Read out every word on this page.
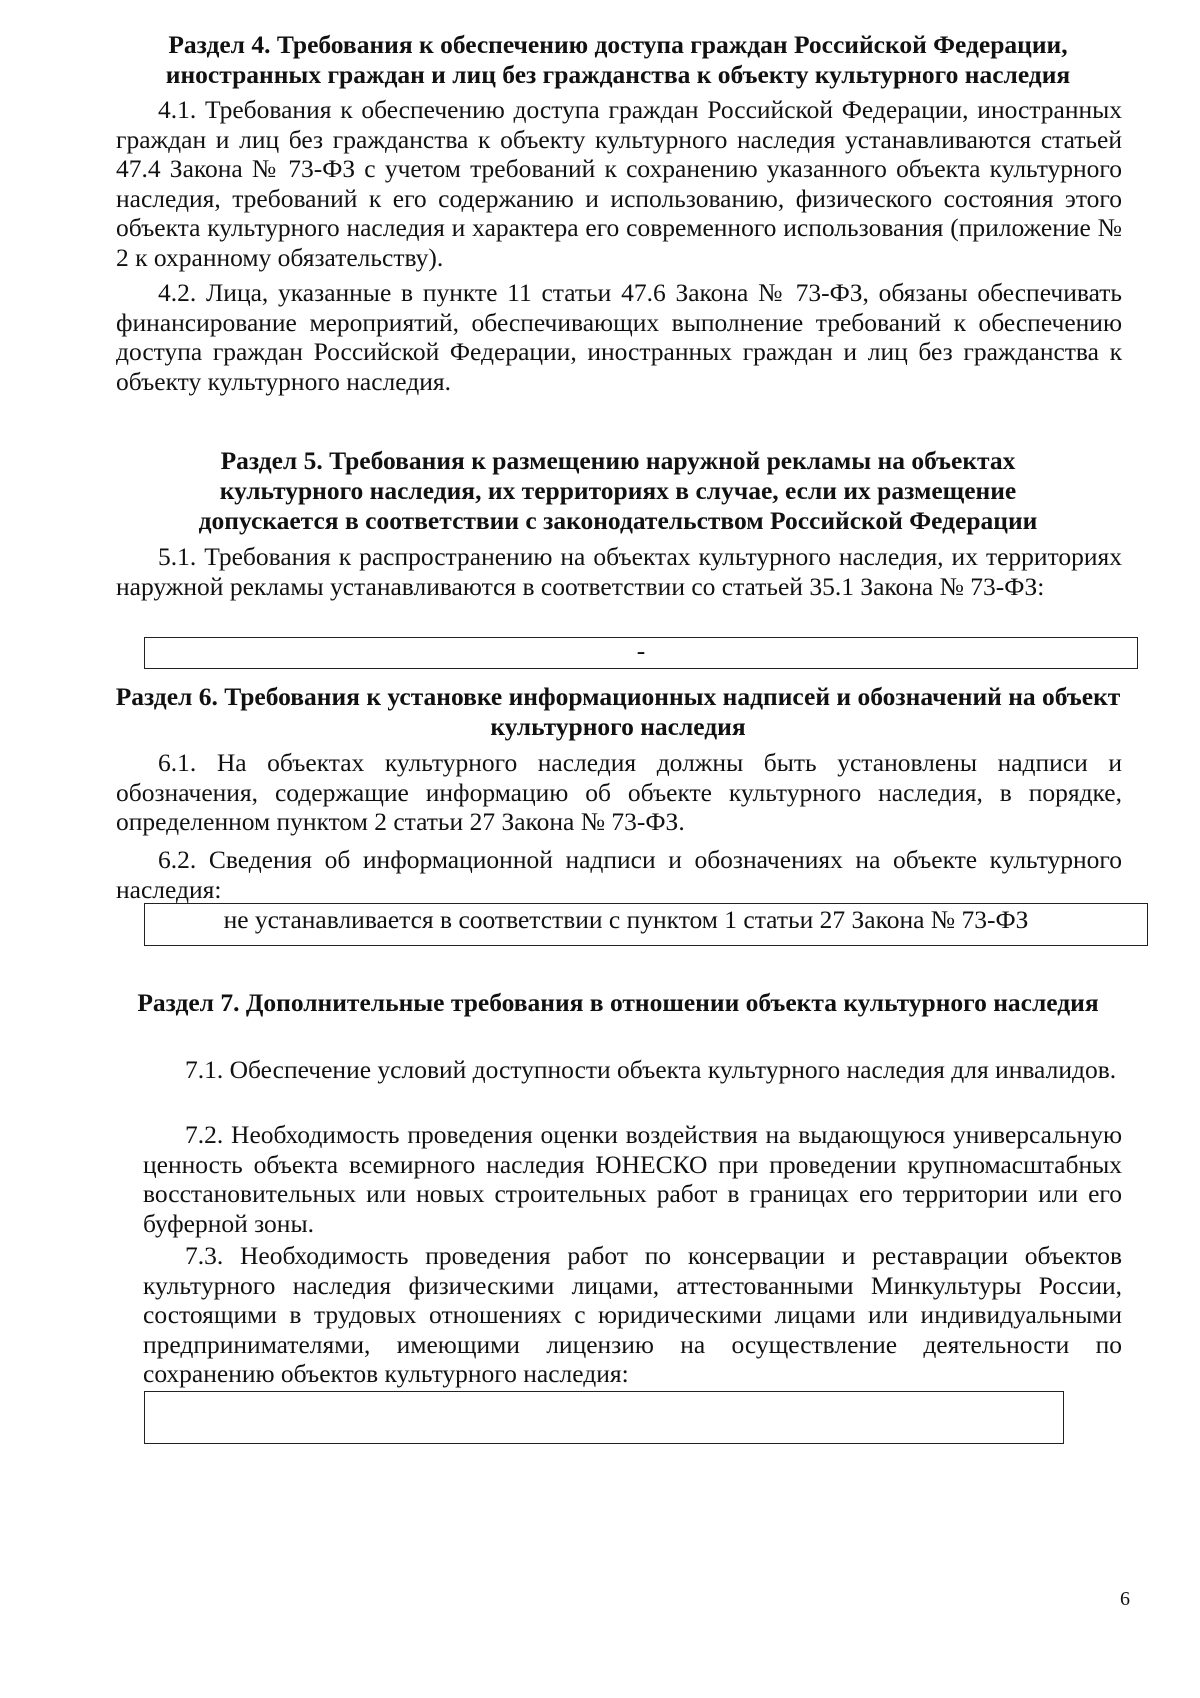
Раздел 4. Требования к обеспечению доступа граждан Российской Федерации, иностранных граждан и лиц без гражданства к объекту культурного наследия

4.1. Требования к обеспечению доступа граждан Российской Федерации, иностранных граждан и лиц без гражданства к объекту культурного наследия устанавливаются статьей 47.4 Закона № 73-ФЗ с учетом требований к сохранению указанного объекта культурного наследия, требований к его содержанию и использованию, физического состояния этого объекта культурного наследия и характера его современного использования (приложение № 2 к охранному обязательству).

4.2. Лица, указанные в пункте 11 статьи 47.6 Закона № 73-ФЗ, обязаны обеспечивать финансирование мероприятий, обеспечивающих выполнение требований к обеспечению доступа граждан Российской Федерации, иностранных граждан и лиц без гражданства к объекту культурного наследия.

Раздел 5. Требования к размещению наружной рекламы на объектах культурного наследия, их территориях в случае, если их размещение допускается в соответствии с законодательством Российской Федерации

5.1. Требования к распространению на объектах культурного наследия, их территориях наружной рекламы устанавливаются в соответствии со статьей 35.1 Закона № 73-ФЗ:

-
Раздел 6. Требования к установке информационных надписей и обозначений на объект культурного наследия

6.1. На объектах культурного наследия должны быть установлены надписи и обозначения, содержащие информацию об объекте культурного наследия, в порядке, определенном пунктом 2 статьи 27 Закона № 73-ФЗ.

6.2. Сведения об информационной надписи и обозначениях на объекте культурного наследия:

не устанавливается в соответствии с пунктом 1 статьи 27 Закона № 73-ФЗ
Раздел 7. Дополнительные требования в отношении объекта культурного наследия

7.1. Обеспечение условий доступности объекта культурного наследия для инвалидов.

7.2. Необходимость проведения оценки воздействия на выдающуюся универсальную ценность объекта всемирного наследия ЮНЕСКО при проведении крупномасштабных восстановительных или новых строительных работ в границах его территории или его буферной зоны.

7.3. Необходимость проведения работ по консервации и реставрации объектов культурного наследия физическими лицами, аттестованными Минкультуры России, состоящими в трудовых отношениях с юридическими лицами или индивидуальными предпринимателями, имеющими лицензию на осуществление деятельности по сохранению объектов культурного наследия:

6
